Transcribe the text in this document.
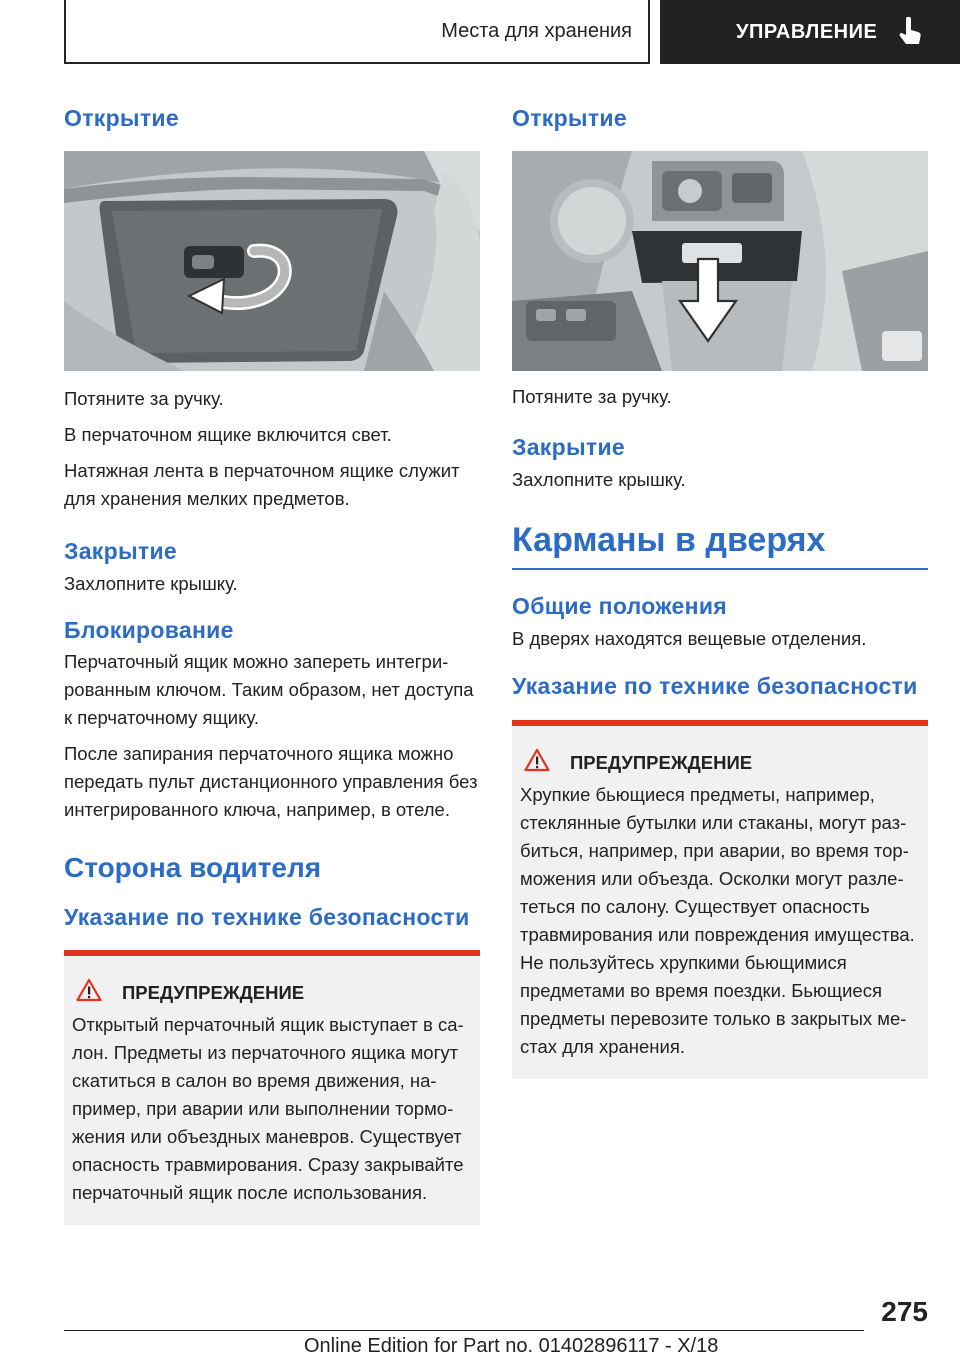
Места для хранения	УПРАВЛЕНИЕ
Открытие

Потяните за ручку.

В перчаточном ящике включится свет.

Натяжная лента в перчаточном ящике служит для хранения мелких предметов.

Закрытие

Захлопните крышку.

Блокирование

Перчаточный ящик можно запереть интегрированным ключом. Таким образом, нет доступа к перчаточному ящику.

После запирания перчаточного ящика можно передать пульт дистанционного управления без интегрированного ключа, например, в отеле.

Сторона водителя
Указание по технике безопасности
ПРЕДУПРЕЖДЕНИЕ

Открытый перчаточный ящик выступает в салон. Предметы из перчаточного ящика могут скатиться в салон во время движения, например, при аварии или выполнении торможения или объездных маневров. Существует опасность травмирования. Сразу закрывайте перчаточный ящик после использования.

Открытие

Потяните за ручку.

Закрытие

Захлопните крышку.

Карманы в дверях
Общие положения

В дверях находятся вещевые отделения.

Указание по технике безопасности
ПРЕДУПРЕЖДЕНИЕ

Хрупкие бьющиеся предметы, например, стеклянные бутылки или стаканы, могут разбиться, например, при аварии, во время торможения или объезда. Осколки могут разлететься по салону. Существует опасность травмирования или повреждения имущества. Не пользуйтесь хрупкими бьющимися предметами во время поездки. Бьющиеся предметы перевозите только в закрытых местах для хранения.

275
Online Edition for Part no. 01402896117 - X/18
